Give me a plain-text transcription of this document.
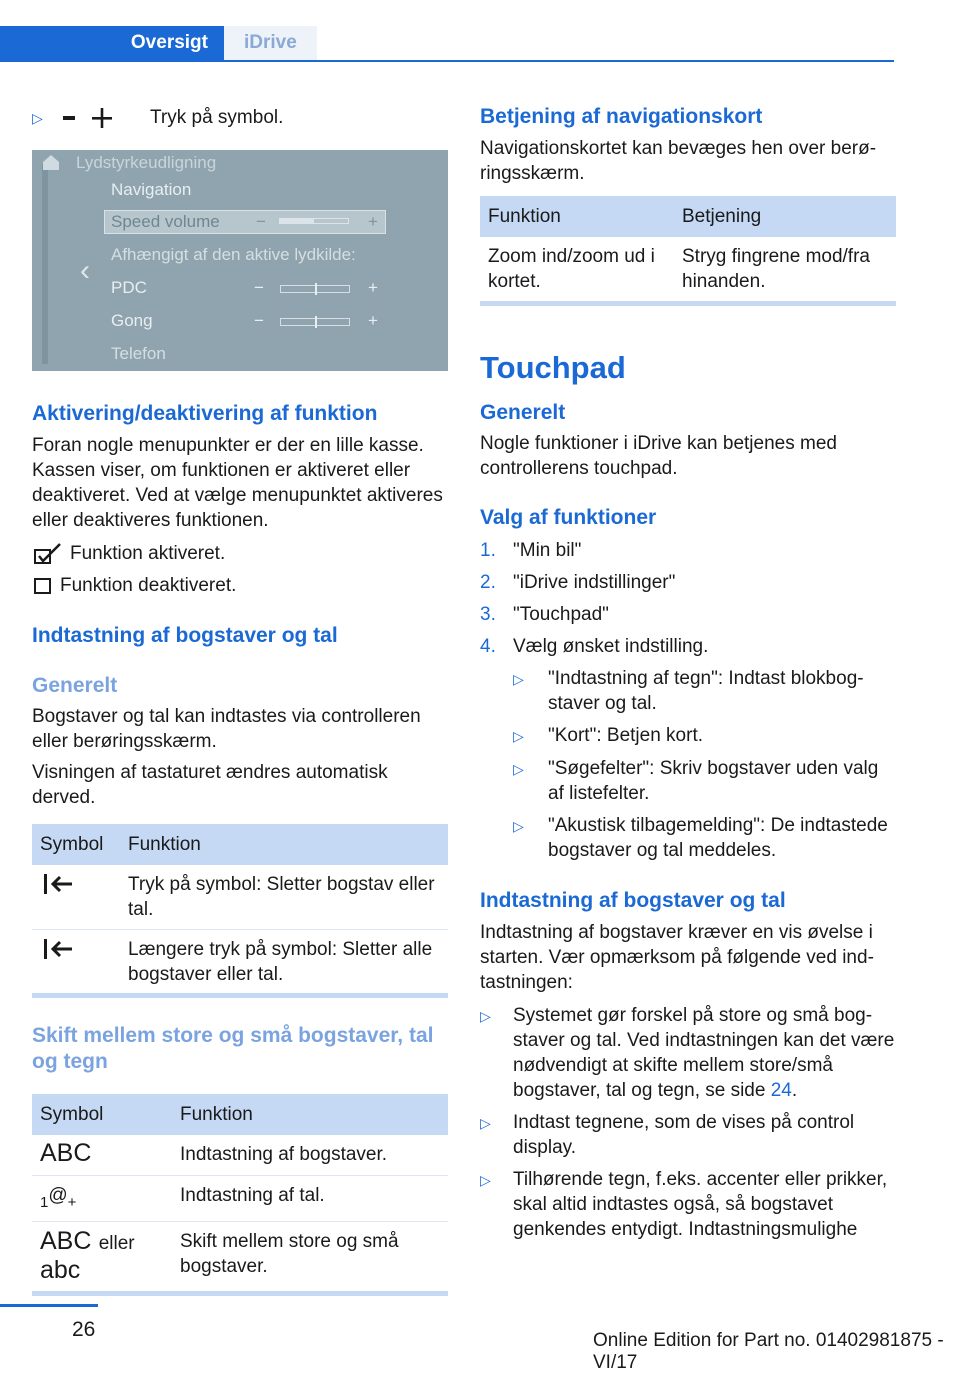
Oversigt	iDrive
▷	Tryk på symbol.
Lydstyrkeudligning
Navigation
Speed volume
Afhængigt af den aktive lydkilde:
PDC
Gong
Telefon
‹
−	+
−	+
−	+
Aktivering/deaktivering af funktion

Foran nogle menupunkter er der en lille kasse. Kassen viser, om funktionen er aktiveret eller deaktiveret. Ved at vælge menupunktet aktiveres eller deaktiveres funktionen.

Funktion aktiveret.
Funktion deaktiveret.
Indtastning af bogstaver og tal
Generelt

Bogstaver og tal kan indtastes via controlleren eller berøringsskærm.

Visningen af tastaturet ændres automatisk derved.

Symbol	Funktion
	Tryk på symbol: Sletter bogstav eller tal.
	Længere tryk på symbol: Sletter alle bogstaver eller tal.
Skift mellem store og små bogstaver, tal og tegn
Symbol	Funktion
ABC	Indtastning af bogstaver.
1@+	Indtastning af tal.
ABC eller
abc	Skift mellem store og små bogstaver.
Betjening af navigationskort

Navigationskortet kan bevæges hen over berøringsskærm.

Funktion	Betjening
Zoom ind/zoom ud i kortet.	Stryg fingrene mod/fra hinanden.
Touchpad
Generelt

Nogle funktioner i iDrive kan betjenes med controllerens touchpad.

Valg af funktioner
1. "Min bil"
2. "iDrive indstillinger"
3. "Touchpad"
4. Vælg ønsket indstilling.
▷	"Indtastning af tegn": Indtast blokbogstaver og tal.
▷	"Kort": Betjen kort.
▷	"Søgefelter": Skriv bogstaver uden valg af listefelter.
▷	"Akustisk tilbagemelding": De indtastede bogstaver og tal meddeles.
Indtastning af bogstaver og tal

Indtastning af bogstaver kræver en vis øvelse i starten. Vær opmærksom på følgende ved indtastningen:

▷	Systemet gør forskel på store og små bogstaver og tal. Ved indtastningen kan det være nødvendigt at skifte mellem store/små bogstaver, tal og tegn, se side 24.
▷	Indtast tegnene, som de vises på control display.
▷	Tilhørende tegn, f.eks. accenter eller prikker, skal altid indtastes også, så bogstavet genkendes entydigt. Indtastningsmulighe
26	Online Edition for Part no. 01402981875 - VI/17
